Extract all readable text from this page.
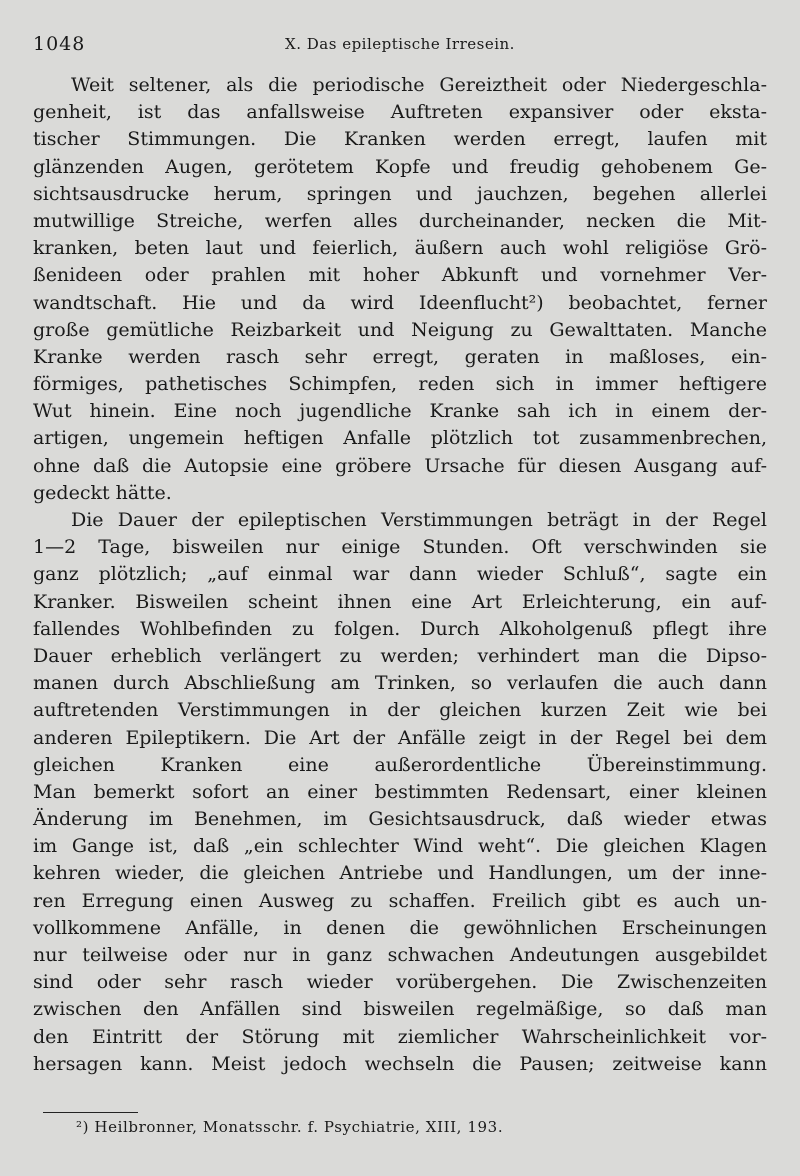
1048	X. Das epileptische Irresein.
Weit seltener, als die periodische Gereiztheit oder Niedergeschla-
genheit, ist das anfallsweise Auftreten expansiver oder eksta-
tischer Stimmungen. Die Kranken werden erregt, laufen mit
glänzenden Augen, gerötetem Kopfe und freudig gehobenem Ge-
sichtsausdrucke herum, springen und jauchzen, begehen allerlei
mutwillige Streiche, werfen alles durcheinander, necken die Mit-
kranken, beten laut und feierlich, äußern auch wohl religiöse Grö-
ßenideen oder prahlen mit hoher Abkunft und vornehmer Ver-
wandtschaft. Hie und da wird Ideenflucht²) beobachtet, ferner
große gemütliche Reizbarkeit und Neigung zu Gewalttaten. Manche
Kranke werden rasch sehr erregt, geraten in maßloses, ein-
förmiges, pathetisches Schimpfen, reden sich in immer heftigere
Wut hinein. Eine noch jugendliche Kranke sah ich in einem der-
artigen, ungemein heftigen Anfalle plötzlich tot zusammenbrechen,
ohne daß die Autopsie eine gröbere Ursache für diesen Ausgang auf-
gedeckt hätte.
Die Dauer der epileptischen Verstimmungen beträgt in der Regel
1—2 Tage, bisweilen nur einige Stunden. Oft verschwinden sie
ganz plötzlich; „auf einmal war dann wieder Schluß“, sagte ein
Kranker. Bisweilen scheint ihnen eine Art Erleichterung, ein auf-
fallendes Wohlbefinden zu folgen. Durch Alkoholgenuß pflegt ihre
Dauer erheblich verlängert zu werden; verhindert man die Dipso-
manen durch Abschließung am Trinken, so verlaufen die auch dann
auftretenden Verstimmungen in der gleichen kurzen Zeit wie bei
anderen Epileptikern. Die Art der Anfälle zeigt in der Regel bei dem
gleichen Kranken eine außerordentliche Übereinstimmung.
Man bemerkt sofort an einer bestimmten Redensart, einer kleinen
Änderung im Benehmen, im Gesichtsausdruck, daß wieder etwas
im Gange ist, daß „ein schlechter Wind weht“. Die gleichen Klagen
kehren wieder, die gleichen Antriebe und Handlungen, um der inne-
ren Erregung einen Ausweg zu schaffen. Freilich gibt es auch un-
vollkommene Anfälle, in denen die gewöhnlichen Erscheinungen
nur teilweise oder nur in ganz schwachen Andeutungen ausgebildet
sind oder sehr rasch wieder vorübergehen. Die Zwischenzeiten
zwischen den Anfällen sind bisweilen regelmäßige, so daß man
den Eintritt der Störung mit ziemlicher Wahrscheinlichkeit vor-
hersagen kann. Meist jedoch wechseln die Pausen; zeitweise kann
²) Heilbronner, Monatsschr. f. Psychiatrie, XIII, 193.
